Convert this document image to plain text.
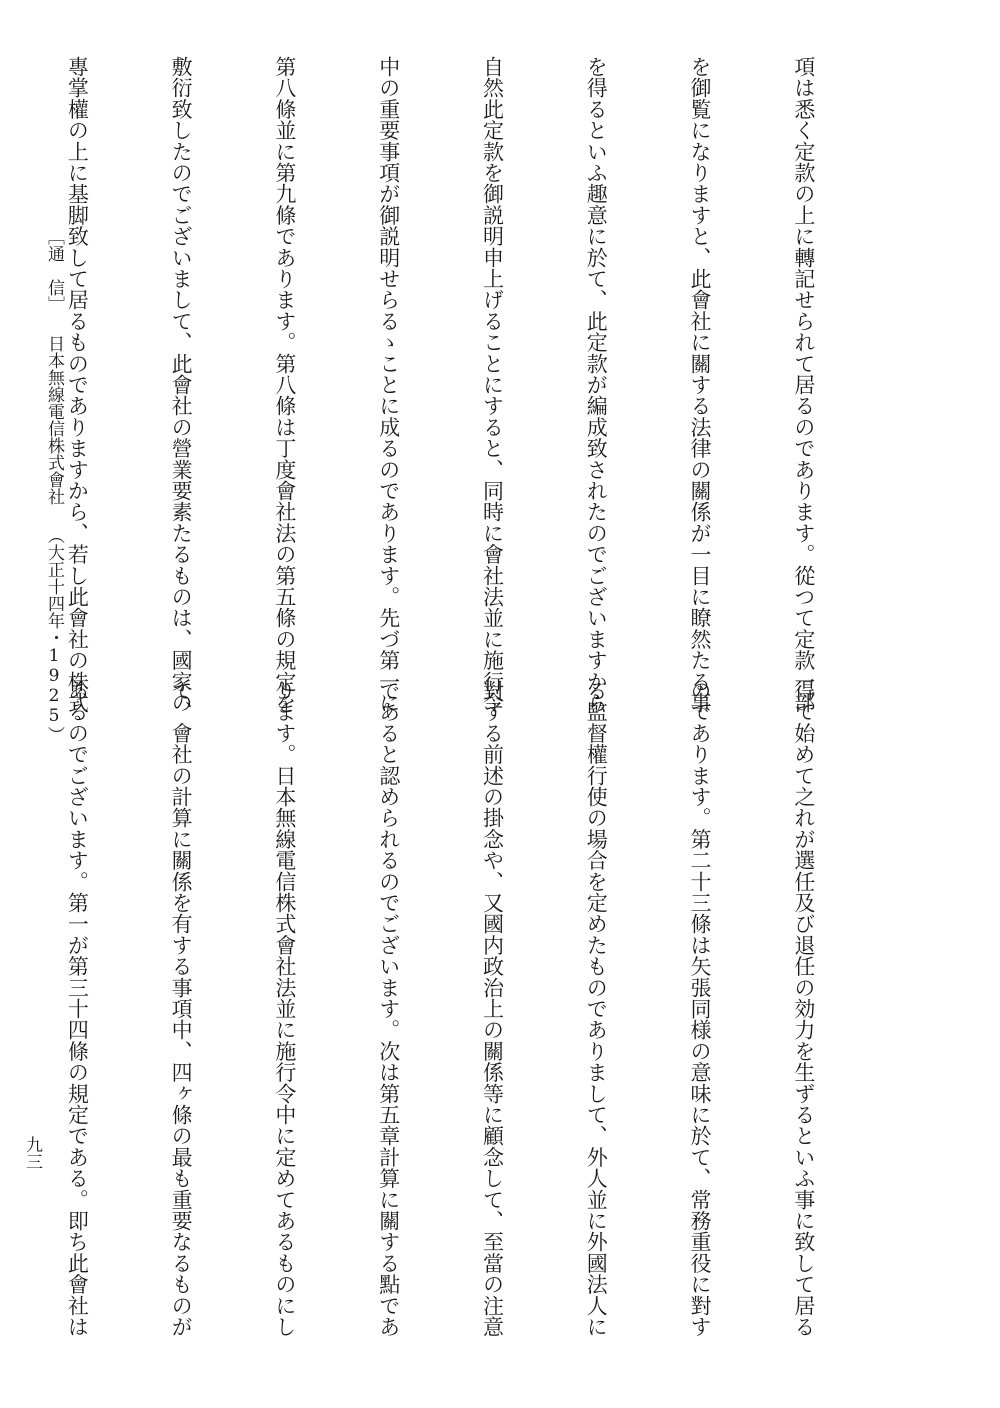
項は悉く定款の上に轉記せられて居るのであります。從つて定款一部

を御覧になりますと、此會社に關する法律の關係が一目に瞭然たる事

を得るといふ趣意に於て、此定款が編成致されたのでございますから

自然此定款を御説明申上げることにすると、同時に會社法並に施行令

中の重要事項が御説明せらるゝことに成るのであります。先づ第一に

第八條並に第九條であります。第八條は丁度會社法の第五條の規定を

敷衍致したのでございまして、此會社の營業要素たるものは、國家の

專掌權の上に基脚致して居るものでありますから、若し此會社の株式

得て始めて之れが選任及び退任の効力を生ずるといふ事に致して居る

のであります。第二十三條は矢張同様の意味に於て、常務重役に對す

る監督權行使の場合を定めたものでありまして、外人並に外國法人に

對する前述の掛念や、又國内政治上の關係等に顧念して、至當の注意

であると認められるのでございます。次は第五章計算に關する點であ

ります。日本無線電信株式會社法並に施行令中に定めてあるものにし

て、會社の計算に關係を有する事項中、四ヶ條の最も重要なるものが

あるのでございます。第一が第三十四條の規定である。即ち此會社は

［通　信］日本無線電信株式會社（大正十四年・1925）

九三
